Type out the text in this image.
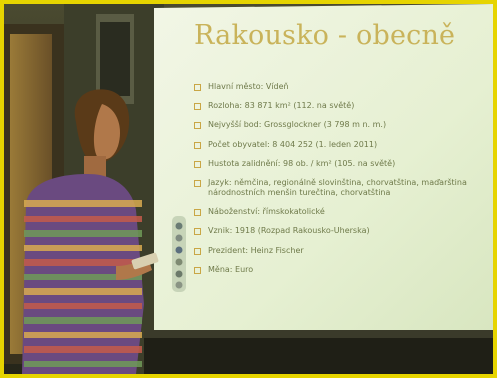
Rakousko - obecně
Hlavní město: Vídeň
Rozloha: 83 871 km² (112. na světě)
Nejvyšší bod: Grossglockner (3 798 m n. m.)
Počet obyvatel: 8 404 252 (1. leden 2011)
Hustota zalidnění: 98 ob. / km² (105. na světě)
Jazyk: němčina, regionálně slovinština, chorvatština, maďarština
národnostních menšin turečtina, chorvatština
Náboženství: římskokatolické
Vznik: 1918 (Rozpad Rakousko-Uherska)
Prezident: Heinz Fischer
Měna: Euro
